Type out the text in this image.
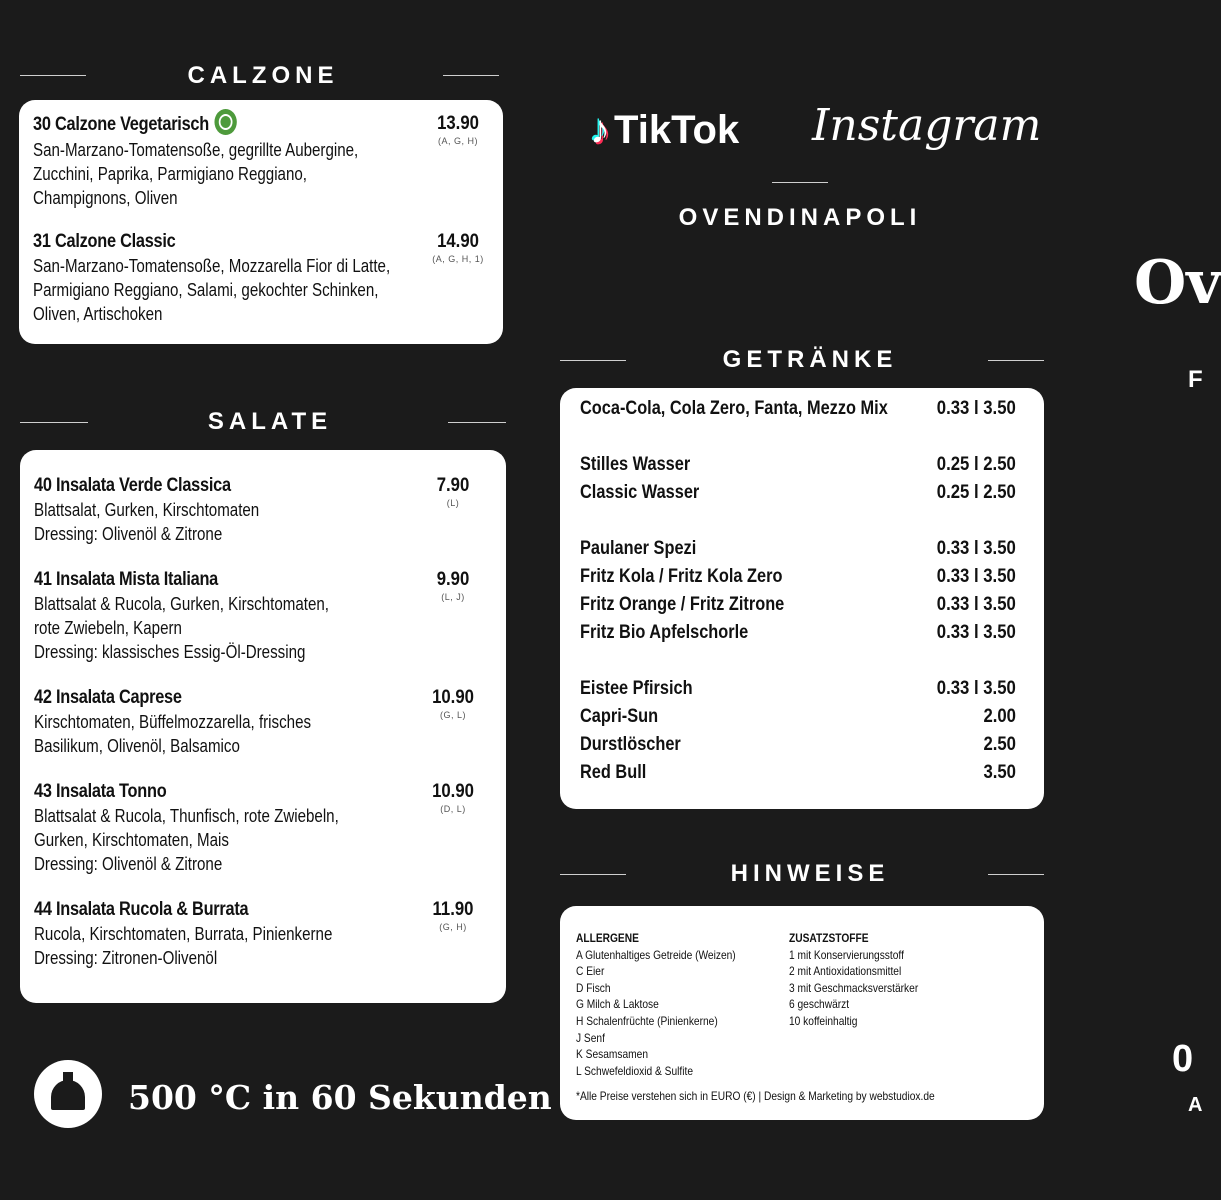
CALZONE
30 Calzone Vegetarisch
San-Marzano-Tomatensoße, gegrillte Aubergine,
Zucchini, Paprika, Parmigiano Reggiano,
Champignons, Oliven
13.90
(A, G, H)
31 Calzone Classic
San-Marzano-Tomatensoße, Mozzarella Fior di Latte,
Parmigiano Reggiano, Salami, gekochter Schinken,
Oliven, Artischoken
14.90
(A, G, H, 1)
SALATE
40 Insalata Verde Classica
Blattsalat, Gurken, Kirschtomaten
Dressing: Olivenöl & Zitrone
7.90
(L)
41 Insalata Mista Italiana
Blattsalat & Rucola, Gurken, Kirschtomaten,
rote Zwiebeln, Kapern
Dressing: klassisches Essig-Öl-Dressing
9.90
(L, J)
42 Insalata Caprese
Kirschtomaten, Büffelmozzarella, frisches
Basilikum, Olivenöl, Balsamico
10.90
(G, L)
43 Insalata Tonno
Blattsalat & Rucola, Thunfisch, rote Zwiebeln,
Gurken, Kirschtomaten, Mais
Dressing: Olivenöl & Zitrone
10.90
(D, L)
44 Insalata Rucola & Burrata
Rucola, Kirschtomaten, Burrata, Pinienkerne
Dressing: Zitronen-Olivenöl
11.90
(G, H)
500 °C in 60 Sekunden
♪ TikTok Instagram
OVENDINAPOLI
GETRÄNKE
Coca-Cola, Cola Zero, Fanta, Mezzo Mix	0.33 l 3.50
Stilles Wasser	0.25 l 2.50
Classic Wasser	0.25 l 2.50
Paulaner Spezi	0.33 l 3.50
Fritz Kola / Fritz Kola Zero	0.33 l 3.50
Fritz Orange / Fritz Zitrone	0.33 l 3.50
Fritz Bio Apfelschorle	0.33 l 3.50
Eistee Pfirsich	0.33 l 3.50
Capri-Sun	2.00
Durstlöscher	2.50
Red Bull	3.50
HINWEISE
ALLERGENE
A Glutenhaltiges Getreide (Weizen)
C Eier
D Fisch
G Milch & Laktose
H Schalenfrüchte (Pinienkerne)
J Senf
K Sesamsamen
L Schwefeldioxid & Sulfite
ZUSATZSTOFFE
1 mit Konservierungsstoff
2 mit Antioxidationsmittel
3 mit Geschmacksverstärker
6 geschwärzt
10 koffeinhaltig
*Alle Preise verstehen sich in EURO (€) | Design & Marketing by webstudiox.de
Ov
F
0
A
